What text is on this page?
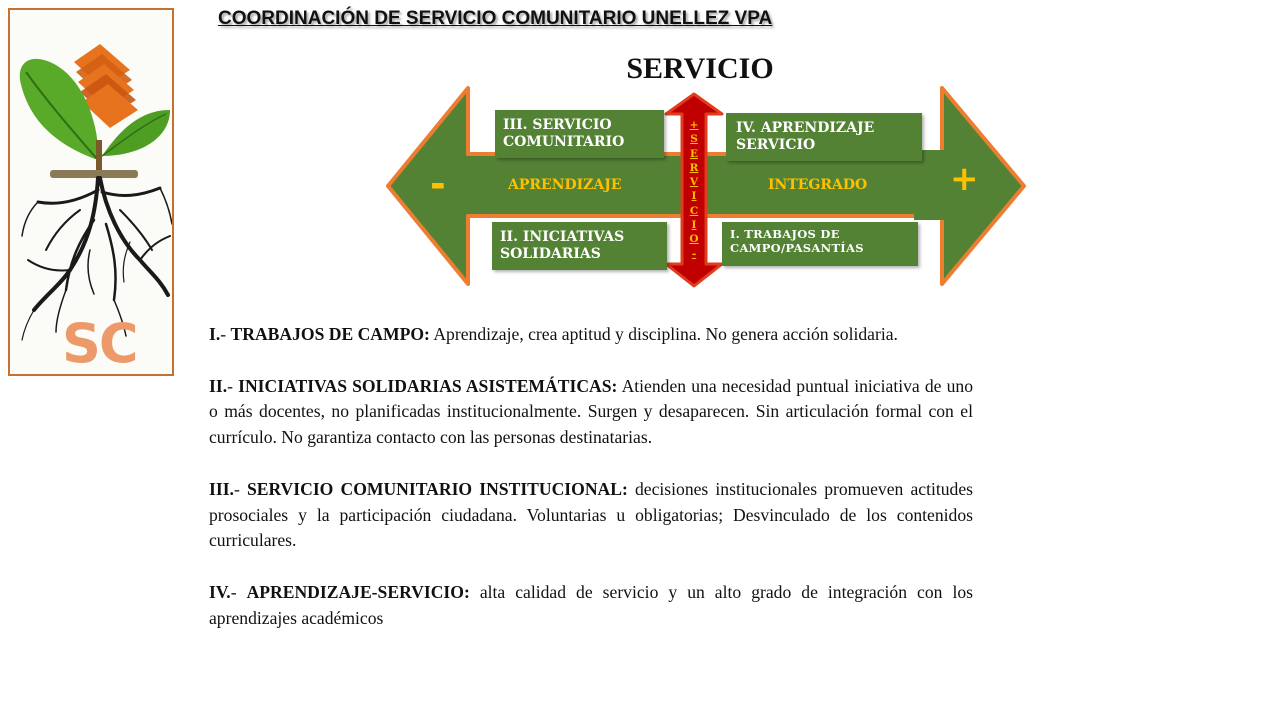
SC
COORDINACIÓN DE SERVICIO COMUNITARIO UNELLEZ VPA
SERVICIO
-	+
APRENDIZAJE	INTEGRADO
+
S
E
R
V
I
C
I
O
-
III. SERVICIO COMUNITARIO
IV. APRENDIZAJE SERVICIO
II. INICIATIVAS SOLIDARIAS
I. TRABAJOS DE CAMPO/PASANTÍAS

I.- TRABAJOS DE CAMPO: Aprendizaje, crea aptitud y disciplina. No genera acción solidaria.

II.- INICIATIVAS SOLIDARIAS ASISTEMÁTICAS: Atienden una necesidad puntual iniciativa de uno o más docentes, no planificadas institucionalmente. Surgen y desaparecen. Sin articulación formal con el currículo. No garantiza contacto con las personas destinatarias.

III.- SERVICIO COMUNITARIO INSTITUCIONAL: decisiones institucionales promueven actitudes prosociales y la participación ciudadana. Voluntarias u obligatorias; Desvinculado de los contenidos curriculares.

IV.- APRENDIZAJE-SERVICIO: alta calidad de servicio y un alto grado de integración con los aprendizajes académicos
